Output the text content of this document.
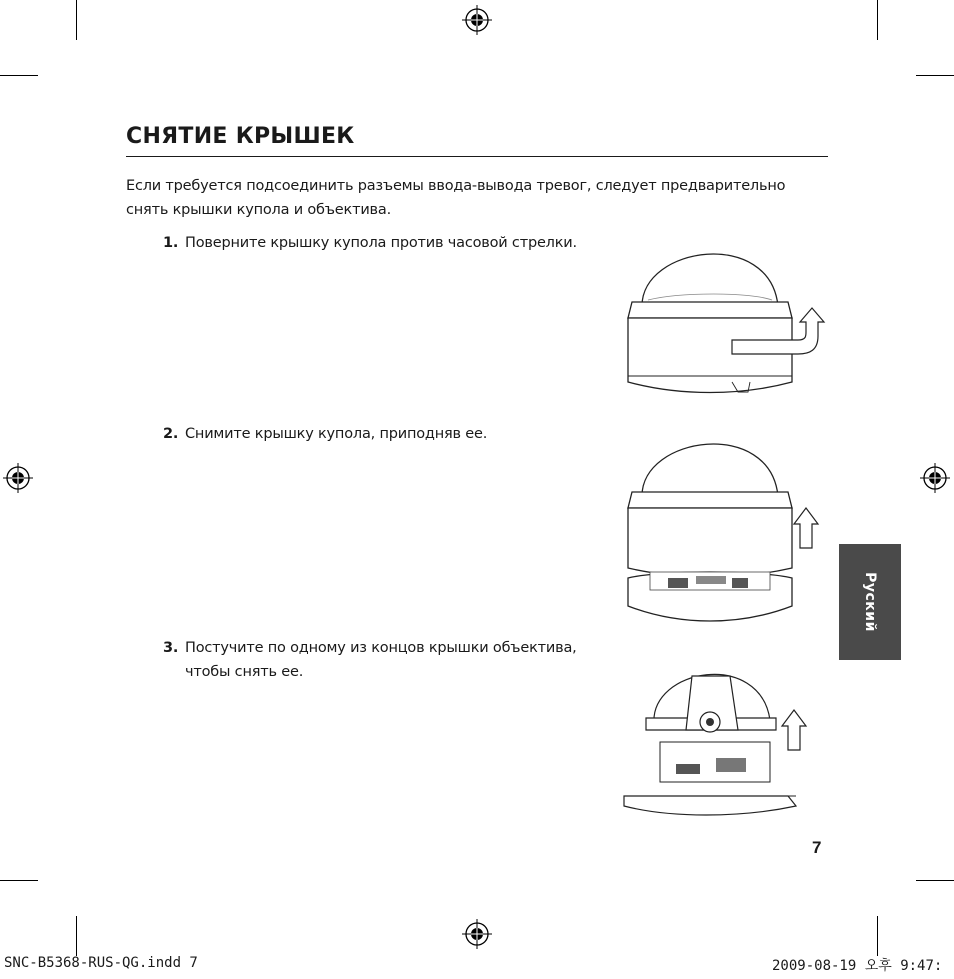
СНЯТИЕ КРЫШЕК
Если требуется подсоединить разъемы ввода-вывода тревог, следует предварительно снять крышки купола и объектива.
1. Поверните крышку купола против часовой стрелки.
2. Снимите крышку купола, приподняв ее.
3. Постучите по одному из концов крышки объектива, чтобы снять ее.
Руский
7
SNC-B5368-RUS-QG.indd 7	2009-08-19 오후 9:47:
